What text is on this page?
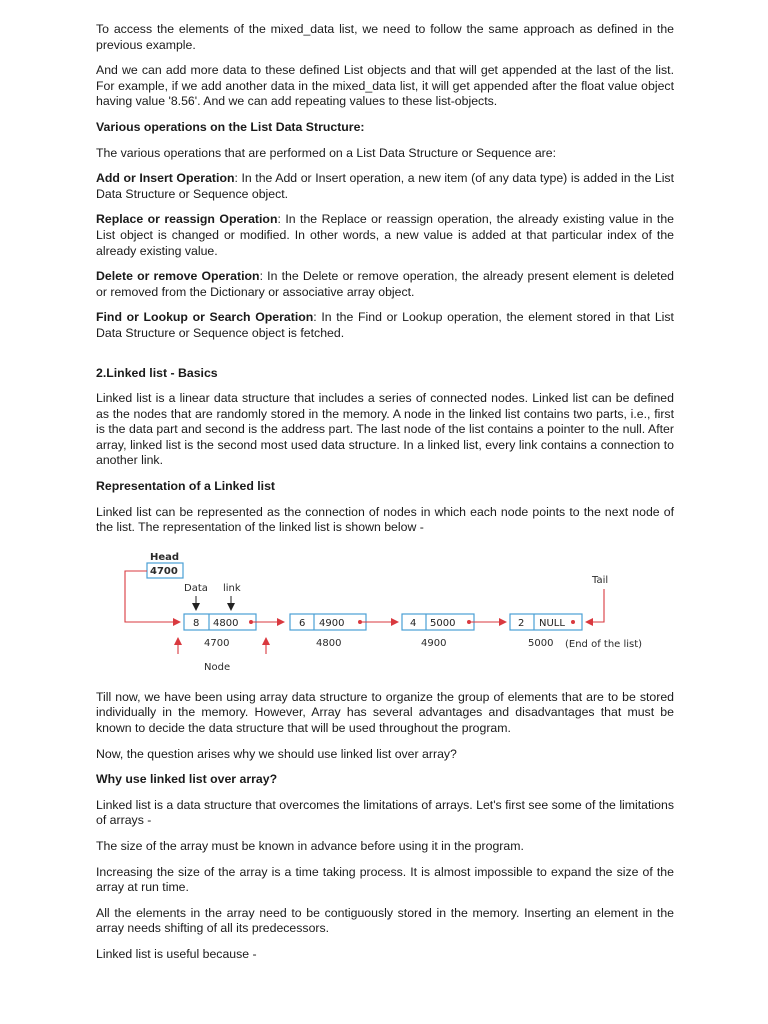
To access the elements of the mixed_data list, we need to follow the same approach as defined in the previous example.

And we can add more data to these defined List objects and that will get appended at the last of the list. For example, if we add another data in the mixed_data list, it will get appended after the float value object having value '8.56'. And we can add repeating values to these list-objects.

Various operations on the List Data Structure:

The various operations that are performed on a List Data Structure or Sequence are:

Add or Insert Operation: In the Add or Insert operation, a new item (of any data type) is added in the List Data Structure or Sequence object.

Replace or reassign Operation: In the Replace or reassign operation, the already existing value in the List object is changed or modified. In other words, a new value is added at that particular index of the already existing value.

Delete or remove Operation: In the Delete or remove operation, the already present element is deleted or removed from the Dictionary or associative array object.

Find or Lookup or Search Operation: In the Find or Lookup operation, the element stored in that List Data Structure or Sequence object is fetched.

2.Linked list - Basics

Linked list is a linear data structure that includes a series of connected nodes. Linked list can be defined as the nodes that are randomly stored in the memory. A node in the linked list contains two parts, i.e., first is the data part and second is the address part. The last node of the list contains a pointer to the null. After array, linked list is the second most used data structure. In a linked list, every link contains a connection to another link.

Representation of a Linked list

Linked list can be represented as the connection of nodes in which each node points to the next node of the list. The representation of the linked list is shown below -

Head
4700
Data link
8 4800
4700
6 4900
4800
4 5000
4900
2 NULL
5000 (End of the list)
Tail
Node

Till now, we have been using array data structure to organize the group of elements that are to be stored individually in the memory. However, Array has several advantages and disadvantages that must be known to decide the data structure that will be used throughout the program.

Now, the question arises why we should use linked list over array?

Why use linked list over array?

Linked list is a data structure that overcomes the limitations of arrays. Let's first see some of the limitations of arrays -

The size of the array must be known in advance before using it in the program.

Increasing the size of the array is a time taking process. It is almost impossible to expand the size of the array at run time.

All the elements in the array need to be contiguously stored in the memory. Inserting an element in the array needs shifting of all its predecessors.

Linked list is useful because -
